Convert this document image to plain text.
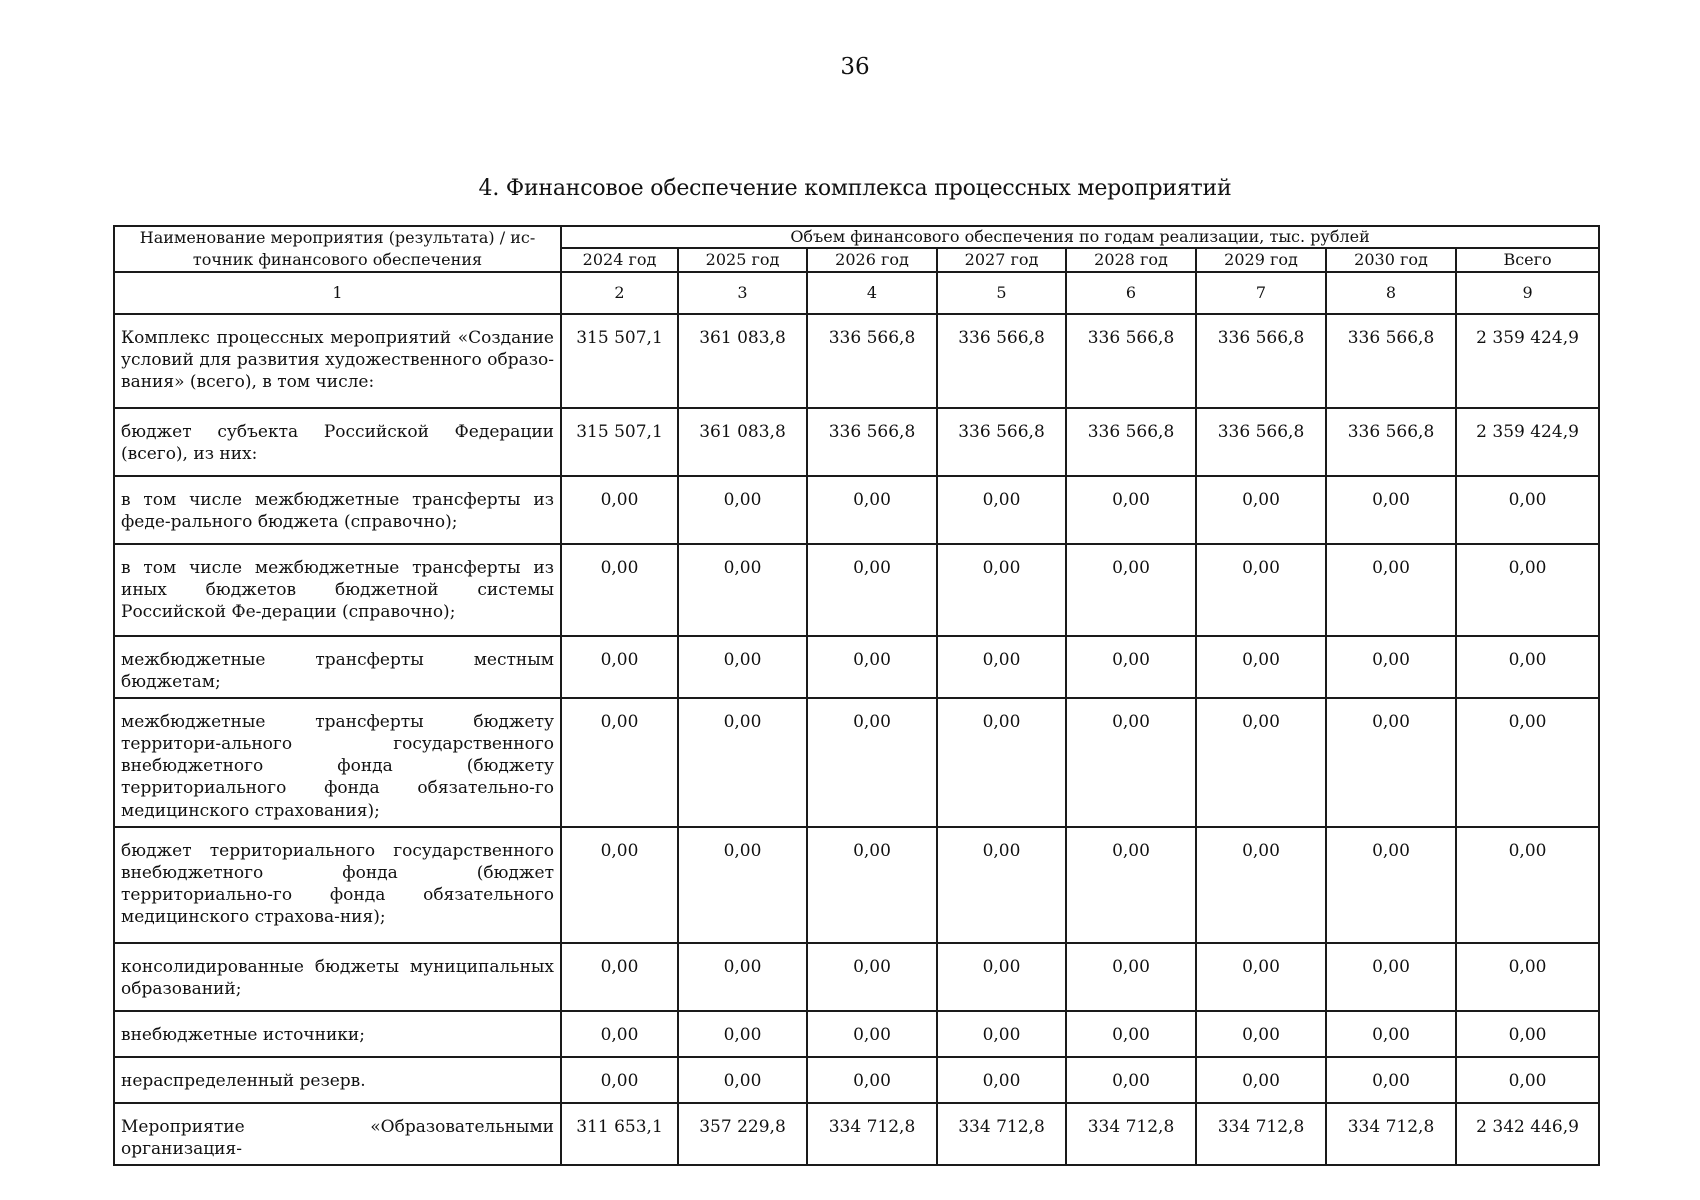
36
4. Финансовое обеспечение комплекса процессных мероприятий
Наименование мероприятия (результата) / ис-точник финансового обеспечения	Объем финансового обеспечения по годам реализации, тыс. рублей							
	2024 год	2025 год	2026 год	2027 год	2028 год	2029 год	2030 год	Всего
1	2	3	4	5	6	7	8	9
Комплекс процессных мероприятий «Создание условий для развития художественного образо-вания» (всего), в том числе:	315 507,1	361 083,8	336 566,8	336 566,8	336 566,8	336 566,8	336 566,8	2 359 424,9
бюджет субъекта Российской Федерации (всего), из них:	315 507,1	361 083,8	336 566,8	336 566,8	336 566,8	336 566,8	336 566,8	2 359 424,9
в том числе межбюджетные трансферты из феде-рального бюджета (справочно);	0,00	0,00	0,00	0,00	0,00	0,00	0,00	0,00
в том числе межбюджетные трансферты из иных бюджетов бюджетной системы Российской Фе-дерации (справочно);	0,00	0,00	0,00	0,00	0,00	0,00	0,00	0,00
межбюджетные трансферты местным бюджетам;	0,00	0,00	0,00	0,00	0,00	0,00	0,00	0,00
межбюджетные трансферты бюджету территори-ального государственного внебюджетного фонда (бюджету территориального фонда обязательно-го медицинского страхования);	0,00	0,00	0,00	0,00	0,00	0,00	0,00	0,00
бюджет территориального государственного внебюджетного фонда (бюджет территориально-го фонда обязательного медицинского страхова-ния);	0,00	0,00	0,00	0,00	0,00	0,00	0,00	0,00
консолидированные бюджеты муниципальных образований;	0,00	0,00	0,00	0,00	0,00	0,00	0,00	0,00
внебюджетные источники;	0,00	0,00	0,00	0,00	0,00	0,00	0,00	0,00
нераспределенный резерв.	0,00	0,00	0,00	0,00	0,00	0,00	0,00	0,00
Мероприятие «Образовательными организация-	311 653,1	357 229,8	334 712,8	334 712,8	334 712,8	334 712,8	334 712,8	2 342 446,9
